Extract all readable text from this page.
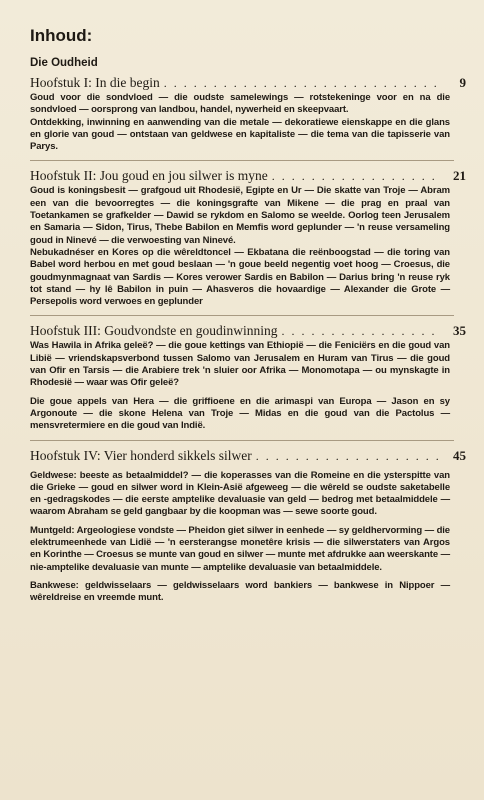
Inhoud:
Die Oudheid
Hoofstuk I: In die begin . . .	9

Goud voor die sondvloed — die oudste samelewings — rotstekeninge voor en na die sondvloed — oorsprong van landbou, handel, nywerheid en skeepvaart.

Ontdekking, inwinning en aanwending van die metale — dekoratiewe eienskappe en die glans en glorie van goud — ontstaan van geldwese en kapitaliste — die tema van die tapisserie van Parys.

Hoofstuk II: Jou goud en jou silwer is myne . . .	21

Goud is koningsbesit — grafgoud uit Rhodesië, Egipte en Ur — Die skatte van Troje — Abram een van die bevoorregtes — die koningsgrafte van Mikene — die prag en praal van Toetankamen se grafkelder — Dawid se rykdom en Salomo se weelde. Oorlog teen Jerusalem en Samaria — Sidon, Tirus, Thebe Babilon en Memfis word geplunder — 'n reuse versameling goud in Ninevé — die verwoesting van Ninevé.

Nebukadnéser en Kores op die wêreldtoncel — Ekbatana die reënboogstad — die toring van Babel word herbou en met goud beslaan — 'n goue beeld negentig voet hoog — Croesus, die goudmynmagnaat van Sardis — Kores verower Sardis en Babilon — Darius bring 'n reuse ryk tot stand — hy lê Babilon in puin — Ahasveros die hovaardige — Alexander die Grote — Persepolis word verwoes en geplunder

Hoofstuk III: Goudvondste en goudinwinning . . .	35

Was Hawila in Afrika geleë? — die goue kettings van Ethiopië — die Feniciërs en die goud van Libië — vriendskapsverbond tussen Salomo van Jerusalem en Huram van Tirus — die goud van Ofir en Tarsis — die Arabiere trek 'n sluier oor Afrika — Monomotapa — ou mynskagte in Rhodesië — waar was Ofir geleë?

Die goue appels van Hera — die griffioene en die arimaspi van Europa — Jason en sy Argonoute — die skone Helena van Troje — Midas en die goud van die Pactolus — mensvretermiere en die goud van Indië.

Hoofstuk IV: Vier honderd sikkels silwer . . .	45

Geldwese: beeste as betaalmiddel? — die koperasses van die Romeine en die ysterspitte van die Grieke — goud en silwer word in Klein-Asië afgeweeg — die wêreld se oudste saketabelle en -gedragskodes — die eerste amptelike devaluasie van geld — bedrog met betaalmiddele — waarom Abraham se geld gangbaar by die koopman was — sewe soorte goud.

Muntgeld: Argeologiese vondste — Pheidon giet silwer in eenhede — sy geldhervorming — die elektrumeenhede van Lidië — 'n eersterangse monetêre krisis — die silwerstaters van Argos en Korinthe — Croesus se munte van goud en silwer — munte met afdrukke aan weerskante — nie-amptelike devaluasie van munte — amptelike devaluasie van betaalmiddele.

Bankwese: geldwisselaars — geldwisselaars word bankiers — bankwese in Nippoer — wêreldreise en vreemde munt.
